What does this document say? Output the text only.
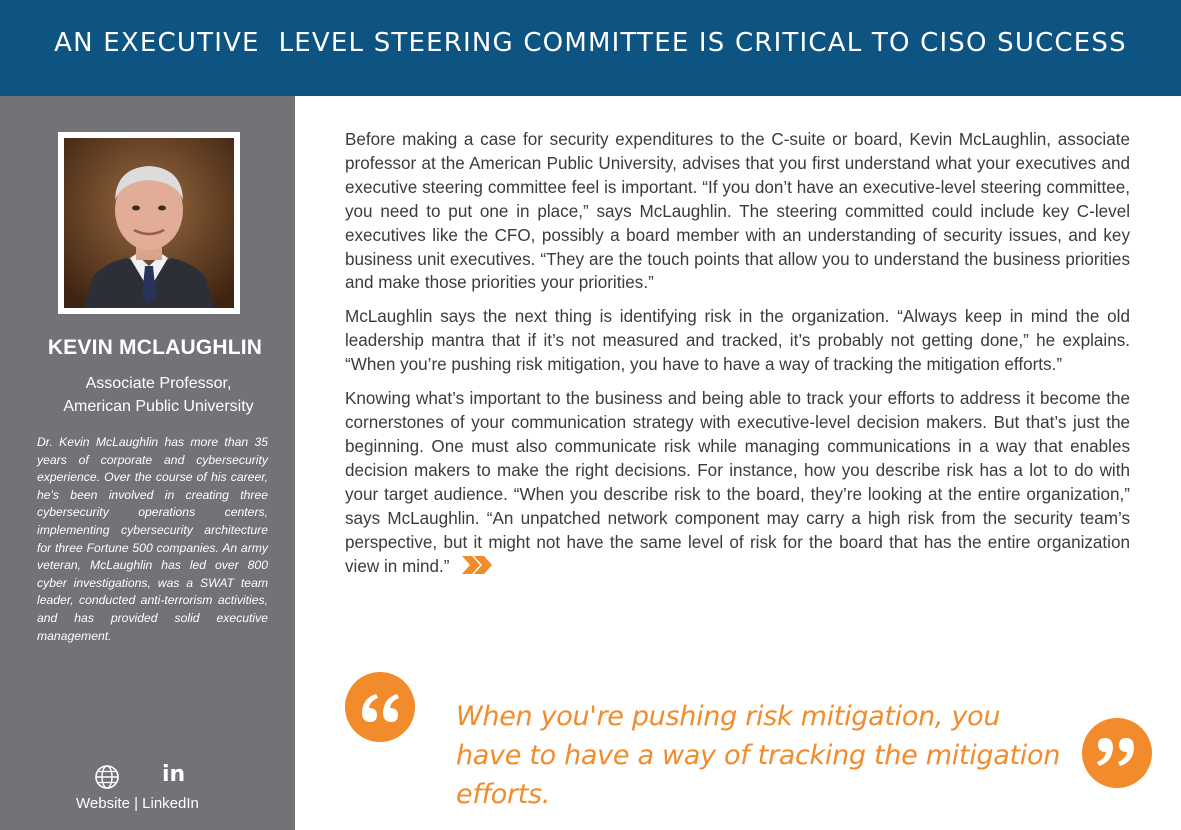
AN EXECUTIVE  LEVEL STEERING COMMITTEE IS CRITICAL TO CISO SUCCESS
KEVIN MCLAUGHLIN
Associate Professor,
American Public University
Dr. Kevin McLaughlin has more than 35 years of corporate and cybersecurity experience. Over the course of his career, he's been involved in creating three cybersecurity operations centers, implementing cybersecurity architecture for three Fortune 500 companies. An army veteran, McLaughlin has led over 800 cyber investigations, was a SWAT team leader, conducted anti-terrorism activities, and has provided solid executive management.
in
Website | LinkedIn

Before making a case for security expenditures to the C-suite or board, Kevin McLaughlin, associate professor at the American Public University, advises that you first understand what your executives and executive steering committee feel is important. “If you don’t have an executive-level steering committee, you need to put one in place,” says McLaughlin. The steering committed could include key C-level executives like the CFO, possibly a board member with an understanding of security issues, and key business unit executives. “They are the touch points that allow you to understand the business priorities and make those priorities your priorities.”

McLaughlin says the next thing is identifying risk in the organization. “Always keep in mind the old leadership mantra that if it’s not measured and tracked, it’s probably not getting done,” he explains. “When you’re pushing risk mitigation, you have to have a way of tracking the mitigation efforts.”

Knowing what’s important to the business and being able to track your efforts to address it become the cornerstones of your communication strategy with executive-level decision makers. But that’s just the beginning. One must also communicate risk while managing communications in a way that enables decision makers to make the right decisions. For instance, how you describe risk has a lot to do with your target audience. “When you describe risk to the board, they’re looking at the entire organization,” says McLaughlin. “An unpatched network component may carry a high risk from the security team’s perspective, but it might not have the same level of risk for the board that has the entire organization view in mind.”

When you're pushing risk mitigation, you have to have a way of tracking the mitigation efforts.
